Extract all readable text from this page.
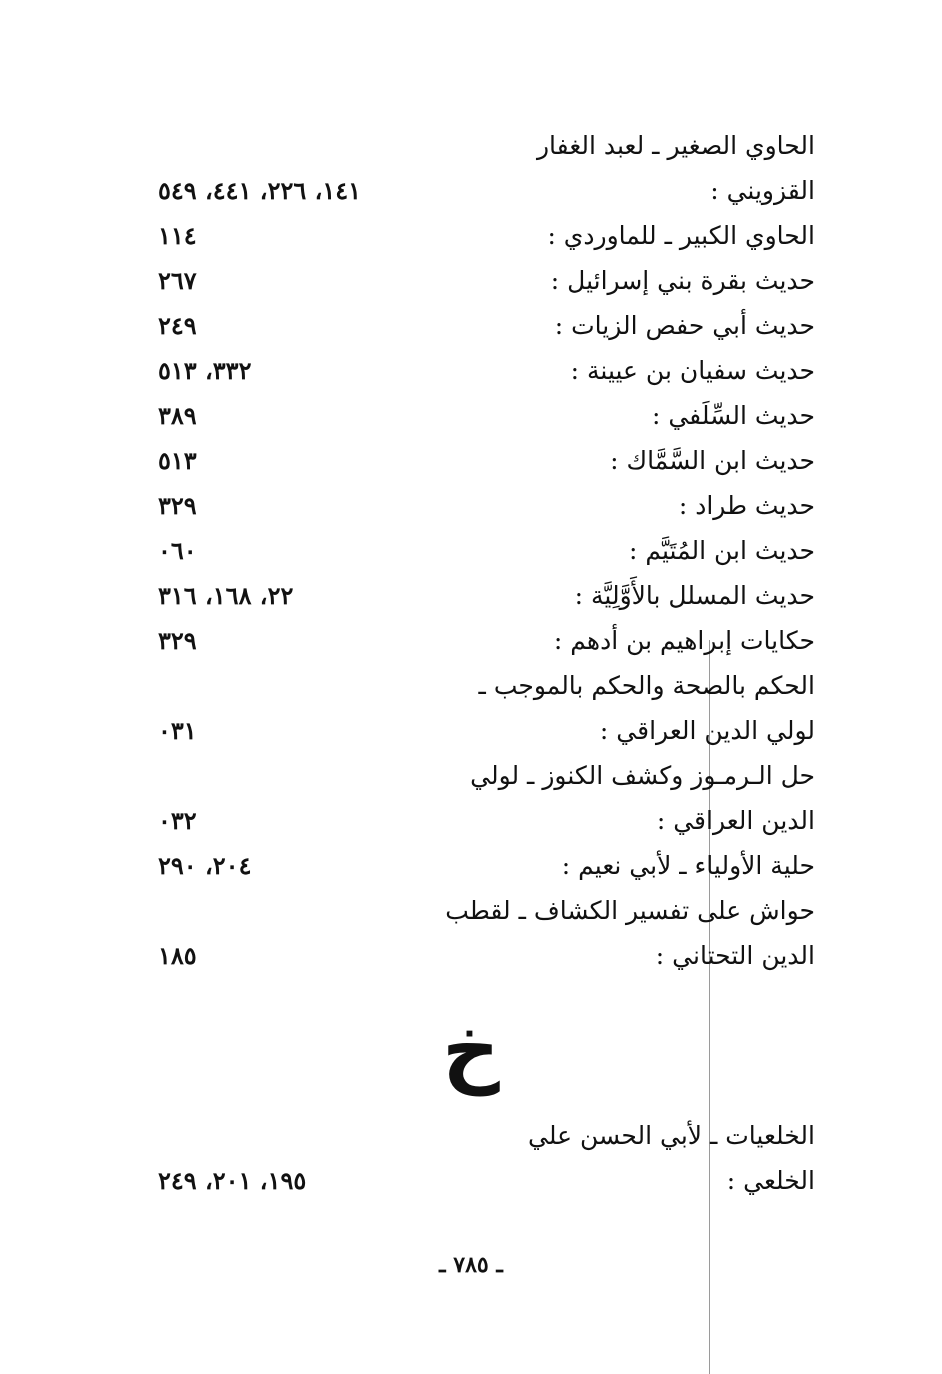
الحاوي الصغير ـ لعبد الغفار
القزويني :
١٤١، ٢٢٦، ٤٤١، ٥٤٩
الحاوي الكبير ـ للماوردي :
١١٤
حديث بقرة بني إسرائيل :
٢٦٧
حديث أبي حفص الزيات :
٢٤٩
حديث سفيان بن عيينة :
٣٣٢، ٥١٣
حديث السِّلَفي :
٣٨٩
حديث ابن السَّمَّاك :
٥١٣
حديث طراد :
٣٢٩
حديث ابن المُتَيَّم :
٠٦٠
حديث المسلل بالأَوَّلِيَّة :
٢٢، ١٦٨، ٣١٦
حكايات إبراهيم بن أدهم :
٣٢٩
الحكم بالصحة والحكم بالموجب ـ
لولي الدين العراقي :
٠٣١
حل الـرمـوز وكشف الكنوز ـ لولي
الدين العراقي :
٠٣٢
حلية الأولياء ـ لأبي نعيم :
٢٠٤، ٢٩٠
حواش على تفسير الكشاف ـ لقطب
الدين التحتاني :
١٨٥
خ
الخلعيات ـ لأبي الحسن علي
الخلعي :
١٩٥، ٢٠١، ٢٤٩
ـ ٧٨٥ ـ
